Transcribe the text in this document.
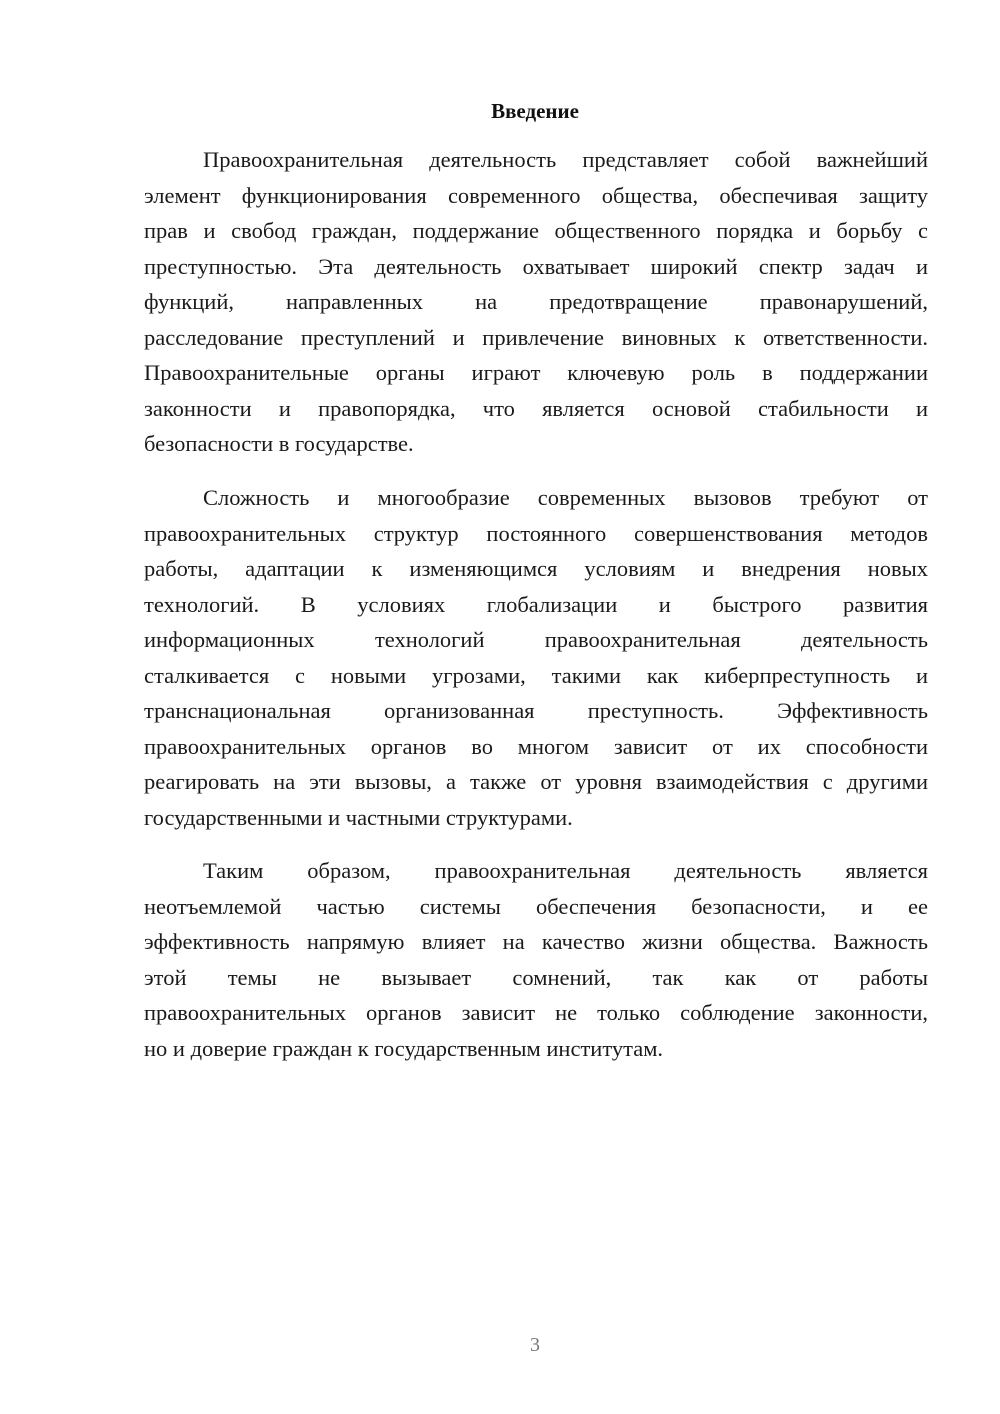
Введение
Правоохранительная деятельность представляет собой важнейший
элемент функционирования современного общества, обеспечивая защиту
прав и свобод граждан, поддержание общественного порядка и борьбу с
преступностью. Эта деятельность охватывает широкий спектр задач и
функций, направленных на предотвращение правонарушений,
расследование преступлений и привлечение виновных к ответственности.
Правоохранительные органы играют ключевую роль в поддержании
законности и правопорядка, что является основой стабильности и
безопасности в государстве.
Сложность и многообразие современных вызовов требуют от
правоохранительных структур постоянного совершенствования методов
работы, адаптации к изменяющимся условиям и внедрения новых
технологий. В условиях глобализации и быстрого развития
информационных технологий правоохранительная деятельность
сталкивается с новыми угрозами, такими как киберпреступность и
транснациональная организованная преступность. Эффективность
правоохранительных органов во многом зависит от их способности
реагировать на эти вызовы, а также от уровня взаимодействия с другими
государственными и частными структурами.
Таким образом, правоохранительная деятельность является
неотъемлемой частью системы обеспечения безопасности, и ее
эффективность напрямую влияет на качество жизни общества. Важность
этой темы не вызывает сомнений, так как от работы
правоохранительных органов зависит не только соблюдение законности,
но и доверие граждан к государственным институтам.
3
